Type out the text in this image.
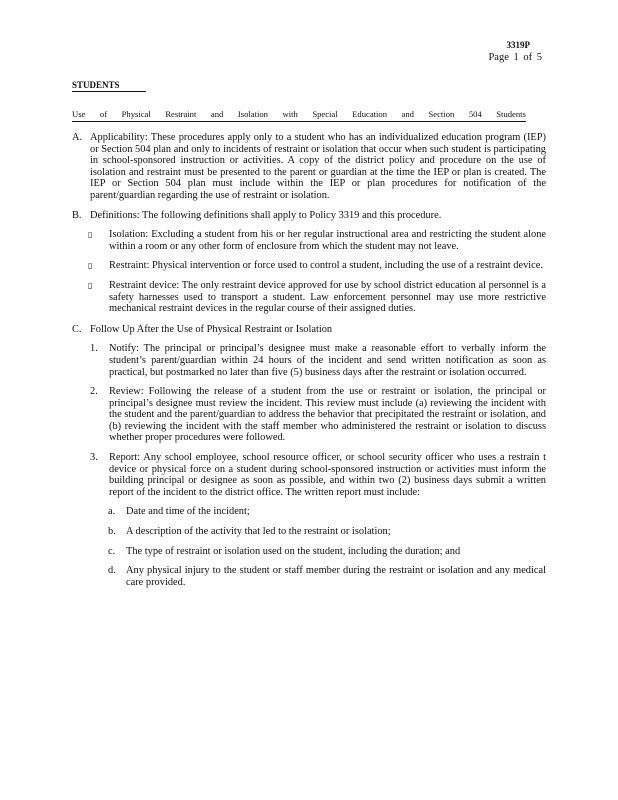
3319P
Page 1 of 5
STUDENTS
Use of Physical Restraint and Isolation with Special Education and Section 504 Students
A. Applicability: These procedures apply only to a student who has an individualized education program (IEP) or Section 504 plan and only to incidents of restraint or isolation that occur when such student is participating in school-sponsored instruction or activities. A copy of the district policy and procedure on the use of isolation and restraint must be presented to the parent or guardian at the time the IEP or plan is created. The IEP or Section 504 plan must include within the IEP or plan procedures for notification of the parent/guardian regarding the use of restraint or isolation.
B. Definitions: The following definitions shall apply to Policy 3319 and this procedure.
▯ Isolation: Excluding a student from his or her regular instructional area and restricting the student alone within a room or any other form of enclosure from which the student may not leave.
▯ Restraint: Physical intervention or force used to control a student, including the use of a restraint device.
▯ Restraint device: The only restraint device approved for use by school district education al personnel is a safety harnesses used to transport a student. Law enforcement personnel may use more restrictive mechanical restraint devices in the regular course of their assigned duties.
C. Follow Up After the Use of Physical Restraint or Isolation
1. Notify: The principal or principal’s designee must make a reasonable effort to verbally inform the student’s parent/guardian within 24 hours of the incident and send written notification as soon as practical, but postmarked no later than five (5) business days after the restraint or isolation occurred.
2. Review: Following the release of a student from the use or restraint or isolation, the principal or principal’s designee must review the incident. This review must include (a) reviewing the incident with the student and the parent/guardian to address the behavior that precipitated the restraint or isolation, and (b) reviewing the incident with the staff member who administered the restraint or isolation to discuss whether proper procedures were followed.
3. Report: Any school employee, school resource officer, or school security officer who uses a restrain t device or physical force on a student during school-sponsored instruction or activities must inform the building principal or designee as soon as possible, and within two (2) business days submit a written report of the incident to the district office. The written report must include:
a. Date and time of the incident;
b. A description of the activity that led to the restraint or isolation;
c. The type of restraint or isolation used on the student, including the duration; and
d. Any physical injury to the student or staff member during the restraint or isolation and any medical care provided.
